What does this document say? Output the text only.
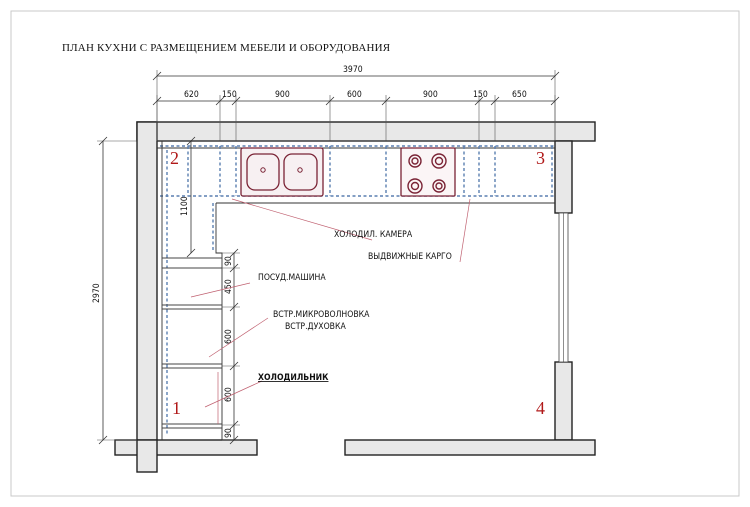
ПЛАН КУХНИ С РАЗМЕЩЕНИЕМ МЕБЕЛИ И ОБОРУДОВАНИЯ
3970
620	150	900	600	900	150	650
2970
1100
90
450
600
600
90
ХОЛОДИЛ. КАМЕРА
ВЫДВИЖНЫЕ КАРГО
ПОСУД.МАШИНА
ВСТР.МИКРОВОЛНОВКА
ВСТР.ДУХОВКА
ХОЛОДИЛЬНИК
1
2	3
4
